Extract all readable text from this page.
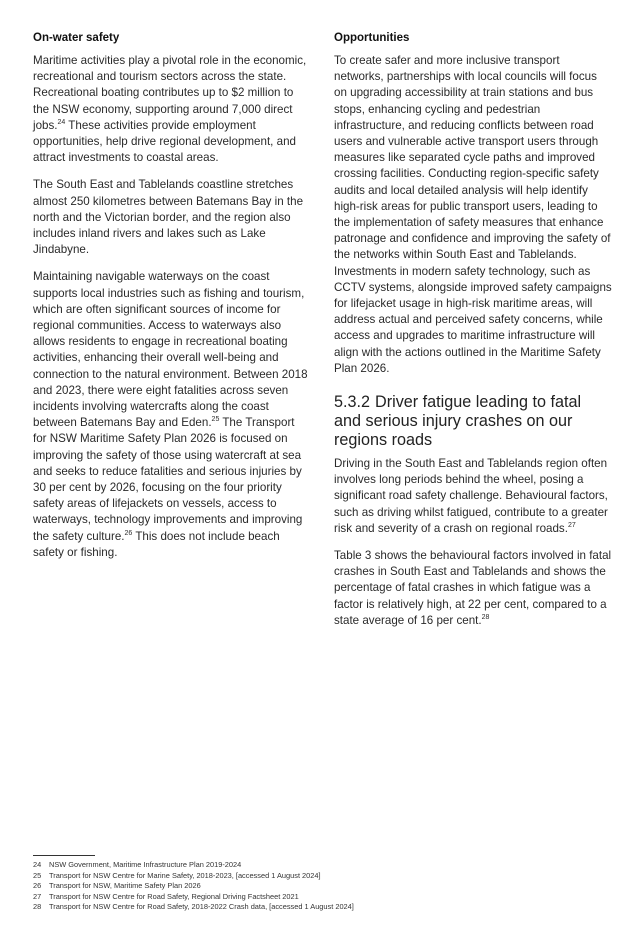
On-water safety

Maritime activities play a pivotal role in the economic, recreational and tourism sectors across the state. Recreational boating contributes up to $2 million to the NSW economy, supporting around 7,000 direct jobs.$^{24}$ These activities provide employment opportunities, help drive regional development, and attract investments to coastal areas.

The South East and Tablelands coastline stretches almost 250 kilometres between Batemans Bay in the north and the Victorian border, and the region also includes inland rivers and lakes such as Lake Jindabyne.

Maintaining navigable waterways on the coast supports local industries such as fishing and tourism, which are often significant sources of income for regional communities. Access to waterways also allows residents to engage in recreational boating activities, enhancing their overall well-being and connection to the natural environment. Between 2018 and 2023, there were eight fatalities across seven incidents involving watercrafts along the coast between Batemans Bay and Eden.$^{25}$ The Transport for NSW Maritime Safety Plan 2026 is focused on improving the safety of those using watercraft at sea and seeks to reduce fatalities and serious injuries by 30 per cent by 2026, focusing on the four priority safety areas of lifejackets on vessels, access to waterways, technology improvements and improving the safety culture.$^{26}$ This does not include beach safety or fishing.

Opportunities

To create safer and more inclusive transport networks, partnerships with local councils will focus on upgrading accessibility at train stations and bus stops, enhancing cycling and pedestrian infrastructure, and reducing conflicts between road users and vulnerable active transport users through measures like separated cycle paths and improved crossing facilities. Conducting region-specific safety audits and local detailed analysis will help identify high-risk areas for public transport users, leading to the implementation of safety measures that enhance patronage and confidence and improving the safety of the networks within South East and Tablelands. Investments in modern safety technology, such as CCTV systems, alongside improved safety campaigns for lifejacket usage in high-risk maritime areas, will address actual and perceived safety concerns, while access and upgrades to maritime infrastructure will align with the actions outlined in the Maritime Safety Plan 2026.

5.3.2 Driver fatigue leading to fatal and serious injury crashes on our regions roads

Driving in the South East and Tablelands region often involves long periods behind the wheel, posing a significant road safety challenge. Behavioural factors, such as driving whilst fatigued, contribute to a greater risk and severity of a crash on regional roads.$^{27}$

Table 3 shows the behavioural factors involved in fatal crashes in South East and Tablelands and shows the percentage of fatal crashes in which fatigue was a factor is relatively high, at 22 per cent, compared to a state average of 16 per cent.$^{28}$

24 NSW Government, Maritime Infrastructure Plan 2019-2024
25 Transport for NSW Centre for Marine Safety, 2018-2023, [accessed 1 August 2024]
26 Transport for NSW, Maritime Safety Plan 2026
27 Transport for NSW Centre for Road Safety, Regional Driving Factsheet 2021
28 Transport for NSW Centre for Road Safety, 2018-2022 Crash data, [accessed 1 August 2024]
